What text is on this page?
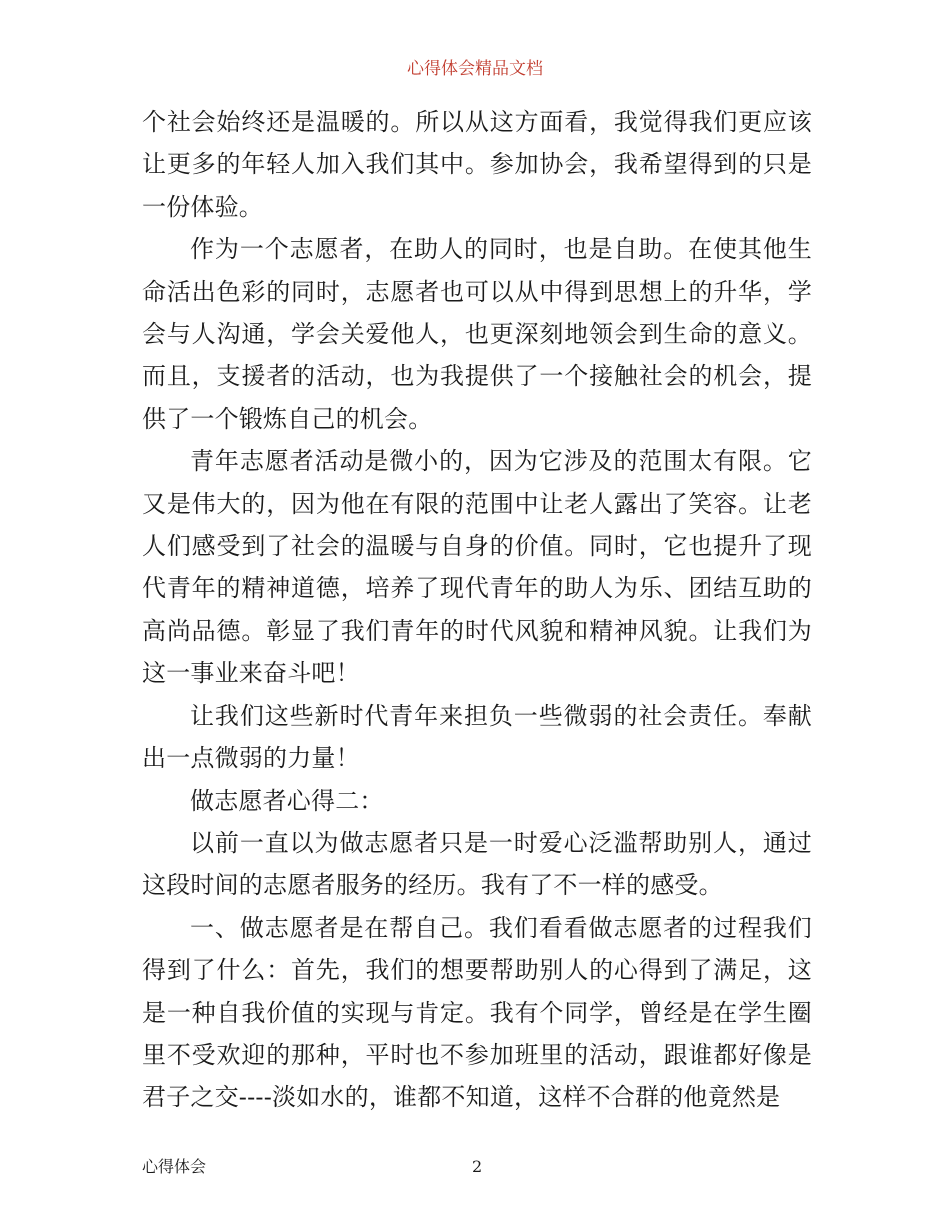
心得体会精品文档

个社会始终还是温暖的。所以从这方面看，我觉得我们更应该让更多的年轻人加入我们其中。参加协会，我希望得到的只是一份体验。

作为一个志愿者，在助人的同时，也是自助。在使其他生命活出色彩的同时，志愿者也可以从中得到思想上的升华，学会与人沟通，学会关爱他人，也更深刻地领会到生命的意义。而且，支援者的活动，也为我提供了一个接触社会的机会，提供了一个锻炼自己的机会。

青年志愿者活动是微小的，因为它涉及的范围太有限。它又是伟大的，因为他在有限的范围中让老人露出了笑容。让老人们感受到了社会的温暖与自身的价值。同时，它也提升了现代青年的精神道德，培养了现代青年的助人为乐、团结互助的高尚品德。彰显了我们青年的时代风貌和精神风貌。让我们为这一事业来奋斗吧！

让我们这些新时代青年来担负一些微弱的社会责任。奉献出一点微弱的力量！

做志愿者心得二：

以前一直以为做志愿者只是一时爱心泛滥帮助别人，通过这段时间的志愿者服务的经历。我有了不一样的感受。

一、做志愿者是在帮自己。我们看看做志愿者的过程我们得到了什么：首先，我们的想要帮助别人的心得到了满足，这是一种自我价值的实现与肯定。我有个同学，曾经是在学生圈里不受欢迎的那种，平时也不参加班里的活动，跟谁都好像是君子之交----淡如水的，谁都不知道，这样不合群的他竟然是

心得体会	2
